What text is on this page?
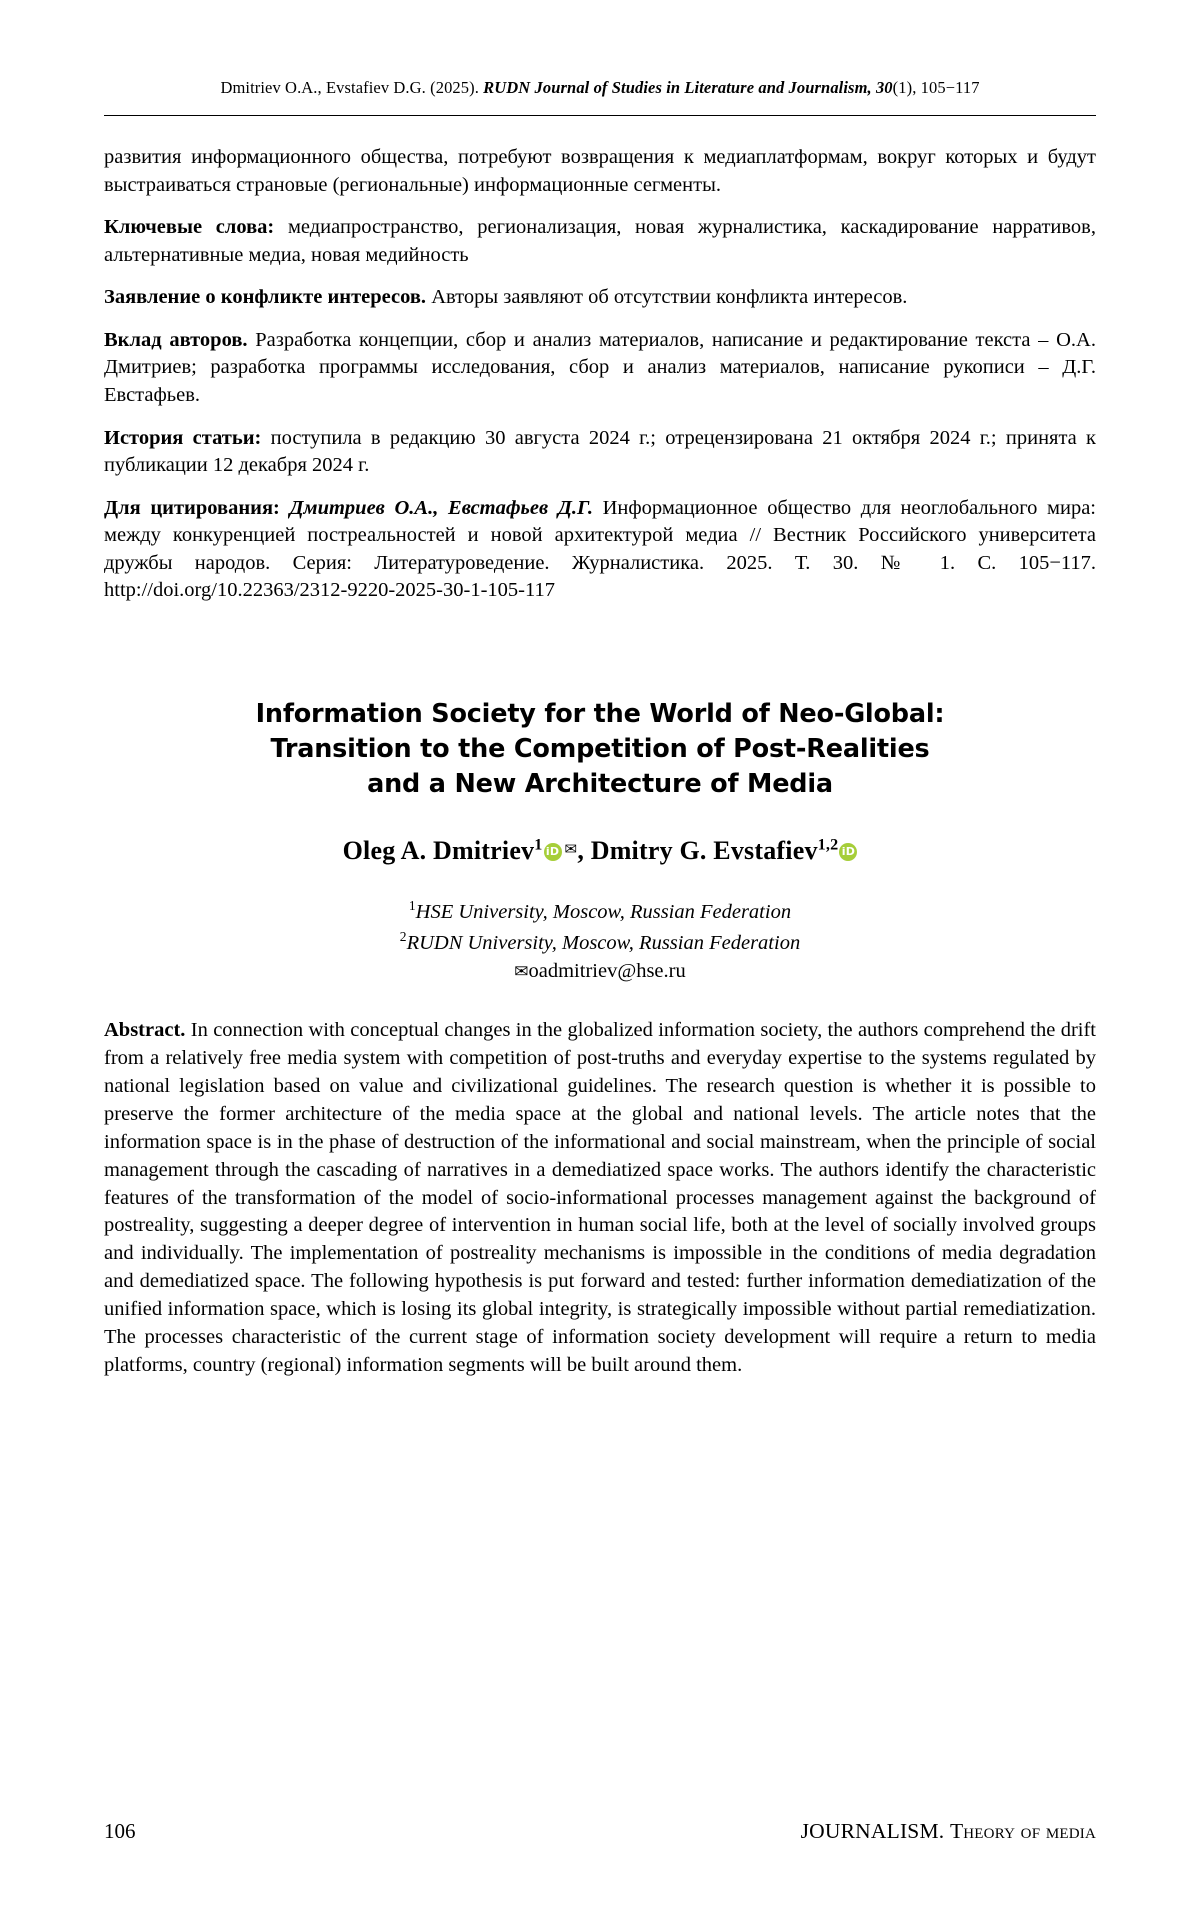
Dmitriev O.A., Evstafiev D.G. (2025). RUDN Journal of Studies in Literature and Journalism, 30(1), 105−117

развития информационного общества, потребуют возвращения к медиаплатформам, вокруг которых и будут выстраиваться страновые (региональные) информационные сегменты.

Ключевые слова: медиапространство, регионализация, новая журналистика, каскадирование нарративов, альтернативные медиа, новая медийность

Заявление о конфликте интересов. Авторы заявляют об отсутствии конфликта интересов.

Вклад авторов. Разработка концепции, сбор и анализ материалов, написание и редактирование текста – О.А. Дмитриев; разработка программы исследования, сбор и анализ материалов, написание рукописи – Д.Г. Евстафьев.

История статьи: поступила в редакцию 30 августа 2024 г.; отрецензирована 21 октября 2024 г.; принята к публикации 12 декабря 2024 г.

Для цитирования: Дмитриев О.А., Евстафьев Д.Г. Информационное общество для неоглобального мира: между конкуренцией постреальностей и новой архитектурой медиа // Вестник Российского университета дружбы народов. Серия: Литературоведение. Журналистика. 2025. Т. 30. № 1. С. 105−117. http://doi.org/10.22363/2312-9220-2025-30-1-105-117

Information Society for the World of Neo-Global:
Transition to the Competition of Post-Realities
and a New Architecture of Media
Oleg A. Dmitriev$^1$ iD ✉, Dmitry G. Evstafiev$^{1,2}$ iD
$^1$HSE University, Moscow, Russian Federation
$^2$RUDN University, Moscow, Russian Federation
✉oadmitriev@hse.ru
Abstract. In connection with conceptual changes in the globalized information society, the authors comprehend the drift from a relatively free media system with competition of post-truths and everyday expertise to the systems regulated by national legislation based on value and civilizational guidelines. The research question is whether it is possible to preserve the former architecture of the media space at the global and national levels. The article notes that the information space is in the phase of destruction of the informational and social mainstream, when the principle of social management through the cascading of narratives in a demediatized space works. The authors identify the characteristic features of the transformation of the model of socio-informational processes management against the background of postreality, suggesting a deeper degree of intervention in human social life, both at the level of socially involved groups and individually. The implementation of postreality mechanisms is impossible in the conditions of media degradation and demediatized space. The following hypothesis is put forward and tested: further information demediatization of the unified information space, which is losing its global integrity, is strategically impossible without partial remediatization. The processes characteristic of the current stage of information society development will require a return to media platforms, country (regional) information segments will be built around them.
106	JOURNALISM. Theory of media
